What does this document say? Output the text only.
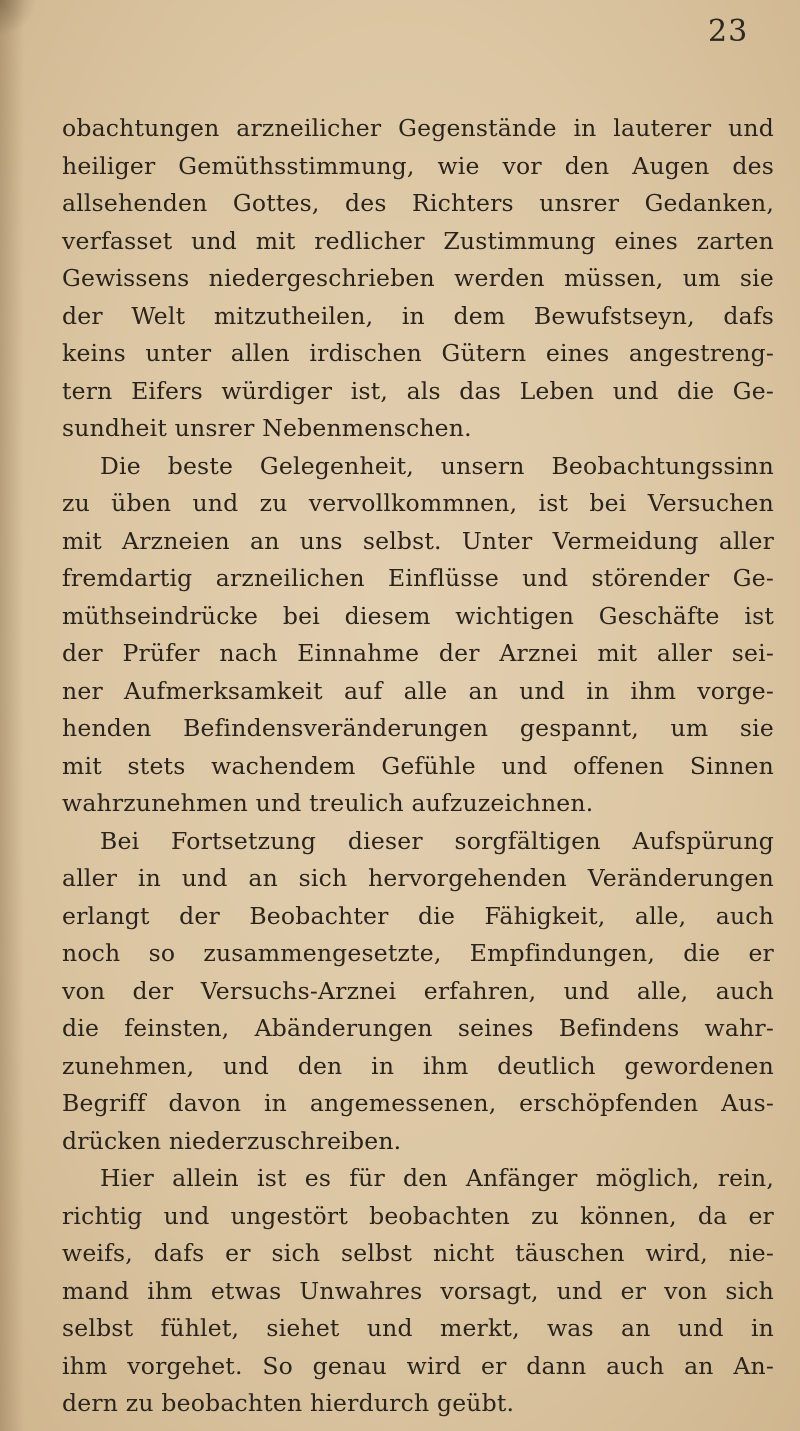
23
obachtungen arzneilicher Gegenstände in lauterer und
heiliger Gemüthsstimmung, wie vor den Augen des
allsehenden Gottes, des Richters unsrer Gedanken,
verfasset und mit redlicher Zustimmung eines zarten
Gewissens niedergeschrieben werden müssen, um sie
der Welt mitzutheilen, in dem Bewufstseyn, dafs
keins unter allen irdischen Gütern eines angestreng-
tern Eifers würdiger ist, als das Leben und die Ge-
sundheit unsrer Nebenmenschen.
Die beste Gelegenheit, unsern Beobachtungssinn
zu üben und zu vervollkommnen, ist bei Versuchen
mit Arzneien an uns selbst. Unter Vermeidung aller
fremdartig arzneilichen Einflüsse und störender Ge-
müthseindrücke bei diesem wichtigen Geschäfte ist
der Prüfer nach Einnahme der Arznei mit aller sei-
ner Aufmerksamkeit auf alle an und in ihm vorge-
henden Befindensveränderungen gespannt, um sie
mit stets wachendem Gefühle und offenen Sinnen
wahrzunehmen und treulich aufzuzeichnen.
Bei Fortsetzung dieser sorgfältigen Aufspürung
aller in und an sich hervorgehenden Veränderungen
erlangt der Beobachter die Fähigkeit, alle, auch
noch so zusammengesetzte, Empfindungen, die er
von der Versuchs-Arznei erfahren, und alle, auch
die feinsten, Abänderungen seines Befindens wahr-
zunehmen, und den in ihm deutlich gewordenen
Begriff davon in angemessenen, erschöpfenden Aus-
drücken niederzuschreiben.
Hier allein ist es für den Anfänger möglich, rein,
richtig und ungestört beobachten zu können, da er
weifs, dafs er sich selbst nicht täuschen wird, nie-
mand ihm etwas Unwahres vorsagt, und er von sich
selbst fühlet, siehet und merkt, was an und in
ihm vorgehet. So genau wird er dann auch an An-
dern zu beobachten hierdurch geübt.
